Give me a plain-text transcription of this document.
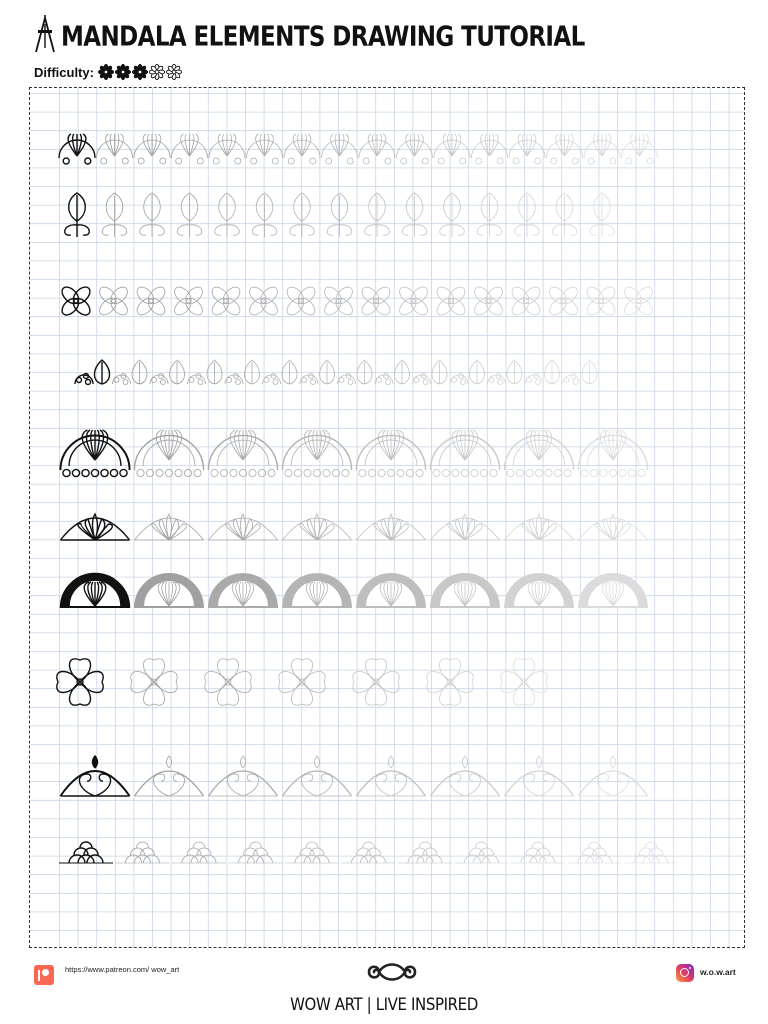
MANDALA ELEMENTS DRAWING TUTORIAL
Difficulty:
https://www.patreon.com/ wow_art	w.o.w.art
WOW ART | LIVE INSPIRED
